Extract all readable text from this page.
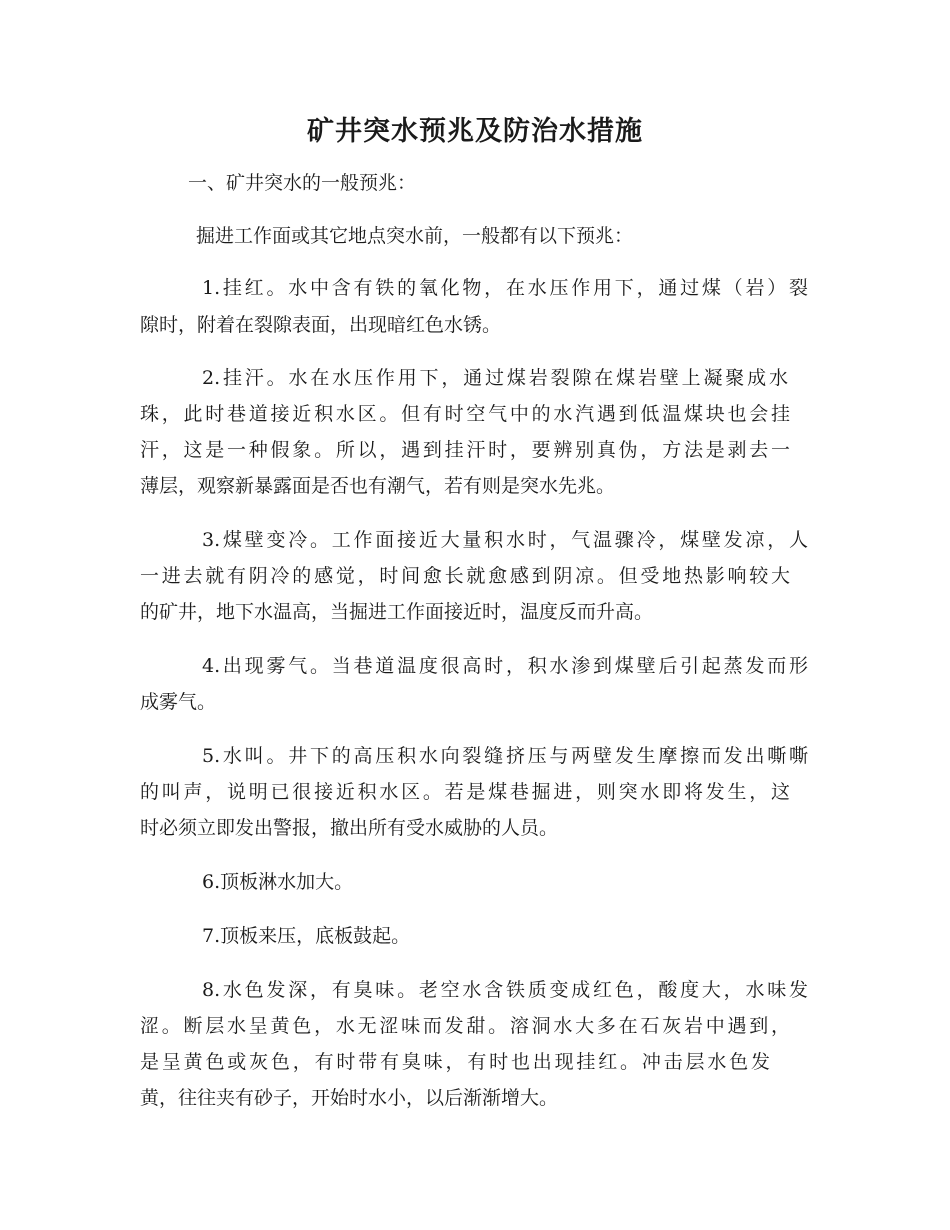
矿井突水预兆及防治水措施
一、矿井突水的一般预兆：
掘进工作面或其它地点突水前，一般都有以下预兆：
1.挂红。水中含有铁的氧化物，在水压作用下，通过煤（岩）裂
隙时，附着在裂隙表面，出现暗红色水锈。
2.挂汗。水在水压作用下，通过煤岩裂隙在煤岩壁上凝聚成水
珠，此时巷道接近积水区。但有时空气中的水汽遇到低温煤块也会挂
汗，这是一种假象。所以，遇到挂汗时，要辨别真伪，方法是剥去一
薄层，观察新暴露面是否也有潮气，若有则是突水先兆。
3.煤壁变冷。工作面接近大量积水时，气温骤冷，煤壁发凉，人
一进去就有阴冷的感觉，时间愈长就愈感到阴凉。但受地热影响较大
的矿井，地下水温高，当掘进工作面接近时，温度反而升高。
4.出现雾气。当巷道温度很高时，积水渗到煤壁后引起蒸发而形
成雾气。
5.水叫。井下的高压积水向裂缝挤压与两壁发生摩擦而发出嘶嘶
的叫声，说明已很接近积水区。若是煤巷掘进，则突水即将发生，这
时必须立即发出警报，撤出所有受水威胁的人员。
6.顶板淋水加大。
7.顶板来压，底板鼓起。
8.水色发深，有臭味。老空水含铁质变成红色，酸度大，水味发
涩。断层水呈黄色，水无涩味而发甜。溶洞水大多在石灰岩中遇到，
是呈黄色或灰色，有时带有臭味，有时也出现挂红。冲击层水色发
黄，往往夹有砂子，开始时水小，以后渐渐增大。
